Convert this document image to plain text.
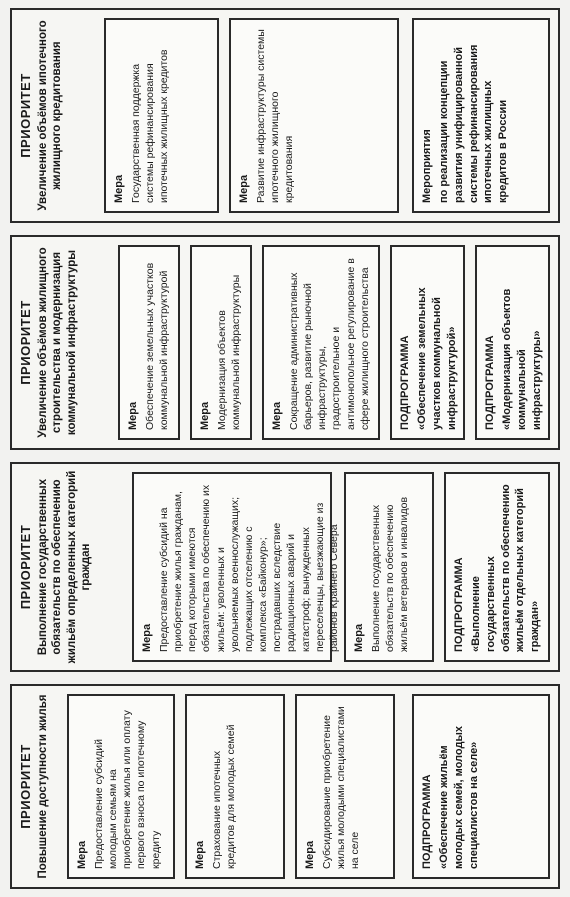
ПРИОРИТЕТ Повышение доступности жилья Мера Предоставление субсидий молодым семьям на приобретение жилья или оплату первого взноса по ипотечному кредиту	Мера Страхование ипотечных кредитов для молодых семей	Мера Субсидирование приобретение жилья молодыми специалистами на селе	ПОДПРОГРАММА «Обеспечение жильём молодых семей, молодых специалистов на селе»
ПРИОРИТЕТ Выполнение государственных обязательств по обеспечению жильём определенных категорий граждан
Мера Предоставление субсидий на приобретение жилья гражданам, перед которыми имеются обязательства по обеспечению их жильём: уволенных и увольняемых военнослужащих; подлежащих отселению с комплекса «Байконур»; пострадавших вследствие радиационных аварий и катастроф; вынужденных переселенцы, выезжающие из районов Крайнего Севера Мера Выполнение государственных обязательств по обеспечению жильём ветеранов и инвалидов	ПОДПРОГРАММА «Выполнение государственных обязательств по обеспечению жильём отдельных категорий граждан»
ПРИОРИТЕТ Увеличение объёмов жилищного строительства и модернизация коммунальной инфраструктуры	Мера Обеспечение земельных участков коммунальной инфраструктурой	Мера Модернизация объектов коммунальной инфраструктуры	Мера Сокращение административных барьеров, развитие рыночной инфраструктуры, градостроительное и антимонопольное регулирование в сфере жилищного строительства	ПОДПРОГРАММА «Обеспечение земельных участков коммунальной инфраструктурой» ПОДПРОГРАММА «Модернизация объектов коммунальной инфраструктуры»
ПРИОРИТЕТ Увеличение объёмов ипотечного жилищного кредитования	Мера Государственная поддержка системы рефинансирования ипотечных жилищных кредитов	Мера Развитие инфраструктуры системы ипотечного жилищного кредитования	Мероприятия по реализации концепции развития унифицированной системы рефинансирования ипотечных жилищных кредитов в России
